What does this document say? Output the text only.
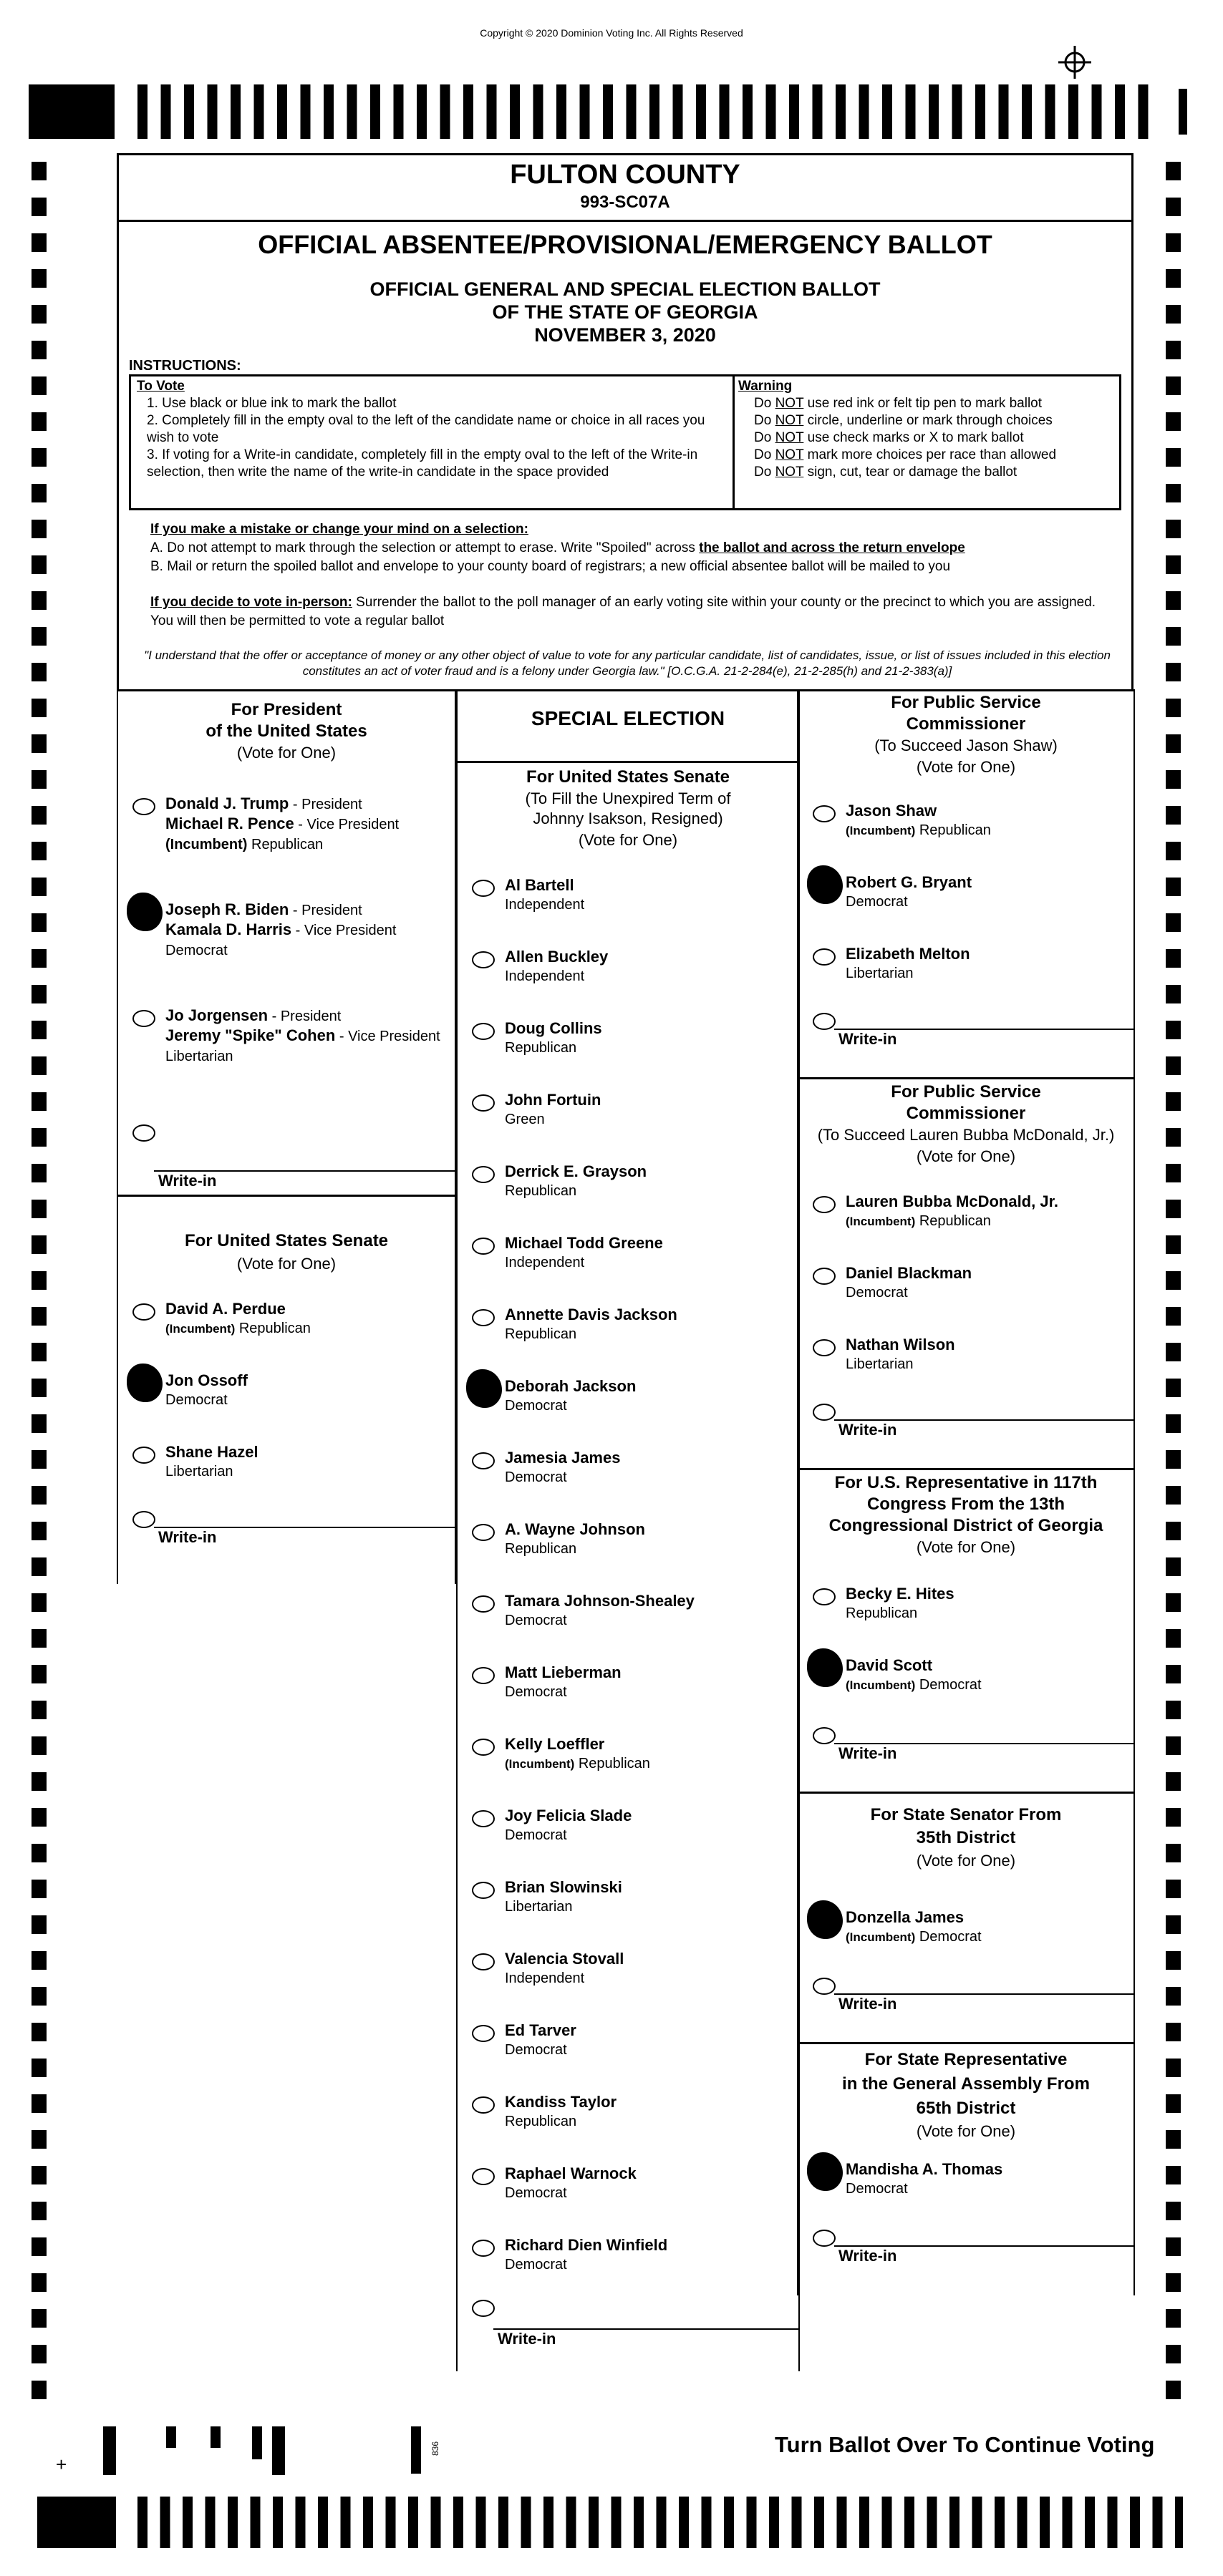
Copyright © 2020 Dominion Voting Inc. All Rights Reserved
FULTON COUNTY
993-SC07A
OFFICIAL ABSENTEE/PROVISIONAL/EMERGENCY BALLOT
OFFICIAL GENERAL AND SPECIAL ELECTION BALLOT
OF THE STATE OF GEORGIA
NOVEMBER 3, 2020
INSTRUCTIONS:
To Vote
1. Use black or blue ink to mark the ballot
2. Completely fill in the empty oval to the left of the candidate name or choice in all races you wish to vote
3. If voting for a Write-in candidate, completely fill in the empty oval to the left of the Write-in selection, then write the name of the write-in candidate in the space provided
Warning
Do NOT use red ink or felt tip pen to mark ballot
Do NOT circle, underline or mark through choices
Do NOT use check marks or X to mark ballot
Do NOT mark more choices per race than allowed
Do NOT sign, cut, tear or damage the ballot
If you make a mistake or change your mind on a selection:
A. Do not attempt to mark through the selection or attempt to erase. Write "Spoiled" across the ballot and across the return envelope
B. Mail or return the spoiled ballot and envelope to your county board of registrars; a new official absentee ballot will be mailed to you
If you decide to vote in-person: Surrender the ballot to the poll manager of an early voting site within your county or the precinct to which you are assigned. You will then be permitted to vote a regular ballot
"I understand that the offer or acceptance of money or any other object of value to vote for any particular candidate, list of candidates, issue, or list of issues included in this election constitutes an act of voter fraud and is a felony under Georgia law." [O.C.G.A. 21-2-284(e), 21-2-285(h) and 21-2-383(a)]
For President
of the United States
(Vote for One)
Donald J. Trump - President
Michael R. Pence - Vice President
(Incumbent) Republican
Joseph R. Biden - President
Kamala D. Harris - Vice President
Democrat
Jo Jorgensen - President
Jeremy "Spike" Cohen - Vice President
Libertarian
Write-in
For United States Senate
(Vote for One)
David A. Perdue
(Incumbent) Republican
Jon Ossoff
Democrat
Shane Hazel
Libertarian
Write-in
SPECIAL ELECTION
For United States Senate
(To Fill the Unexpired Term of
Johnny Isakson, Resigned)
(Vote for One)
Al Bartell
Independent
Allen Buckley
Independent
Doug Collins
Republican
John Fortuin
Green
Derrick E. Grayson
Republican
Michael Todd Greene
Independent
Annette Davis Jackson
Republican
Deborah Jackson
Democrat
Jamesia James
Democrat
A. Wayne Johnson
Republican
Tamara Johnson-Shealey
Democrat
Matt Lieberman
Democrat
Kelly Loeffler
(Incumbent) Republican
Joy Felicia Slade
Democrat
Brian Slowinski
Libertarian
Valencia Stovall
Independent
Ed Tarver
Democrat
Kandiss Taylor
Republican
Raphael Warnock
Democrat
Richard Dien Winfield
Democrat
Write-in
For Public Service
Commissioner
(To Succeed Jason Shaw)
(Vote for One)
Jason Shaw
(Incumbent) Republican
Robert G. Bryant
Democrat
Elizabeth Melton
Libertarian
Write-in
For Public Service
Commissioner
(To Succeed Lauren Bubba McDonald, Jr.)
(Vote for One)
Lauren Bubba McDonald, Jr.
(Incumbent) Republican
Daniel Blackman
Democrat
Nathan Wilson
Libertarian
Write-in
For U.S. Representative in 117th
Congress From the 13th
Congressional District of Georgia
(Vote for One)
Becky E. Hites
Republican
David Scott
(Incumbent) Democrat
Write-in
For State Senator From
35th District
(Vote for One)
Donzella James
(Incumbent) Democrat
Write-in
For State Representative
in the General Assembly From
65th District
(Vote for One)
Mandisha A. Thomas
Democrat
Write-in
+
836	Turn Ballot Over To Continue Voting
